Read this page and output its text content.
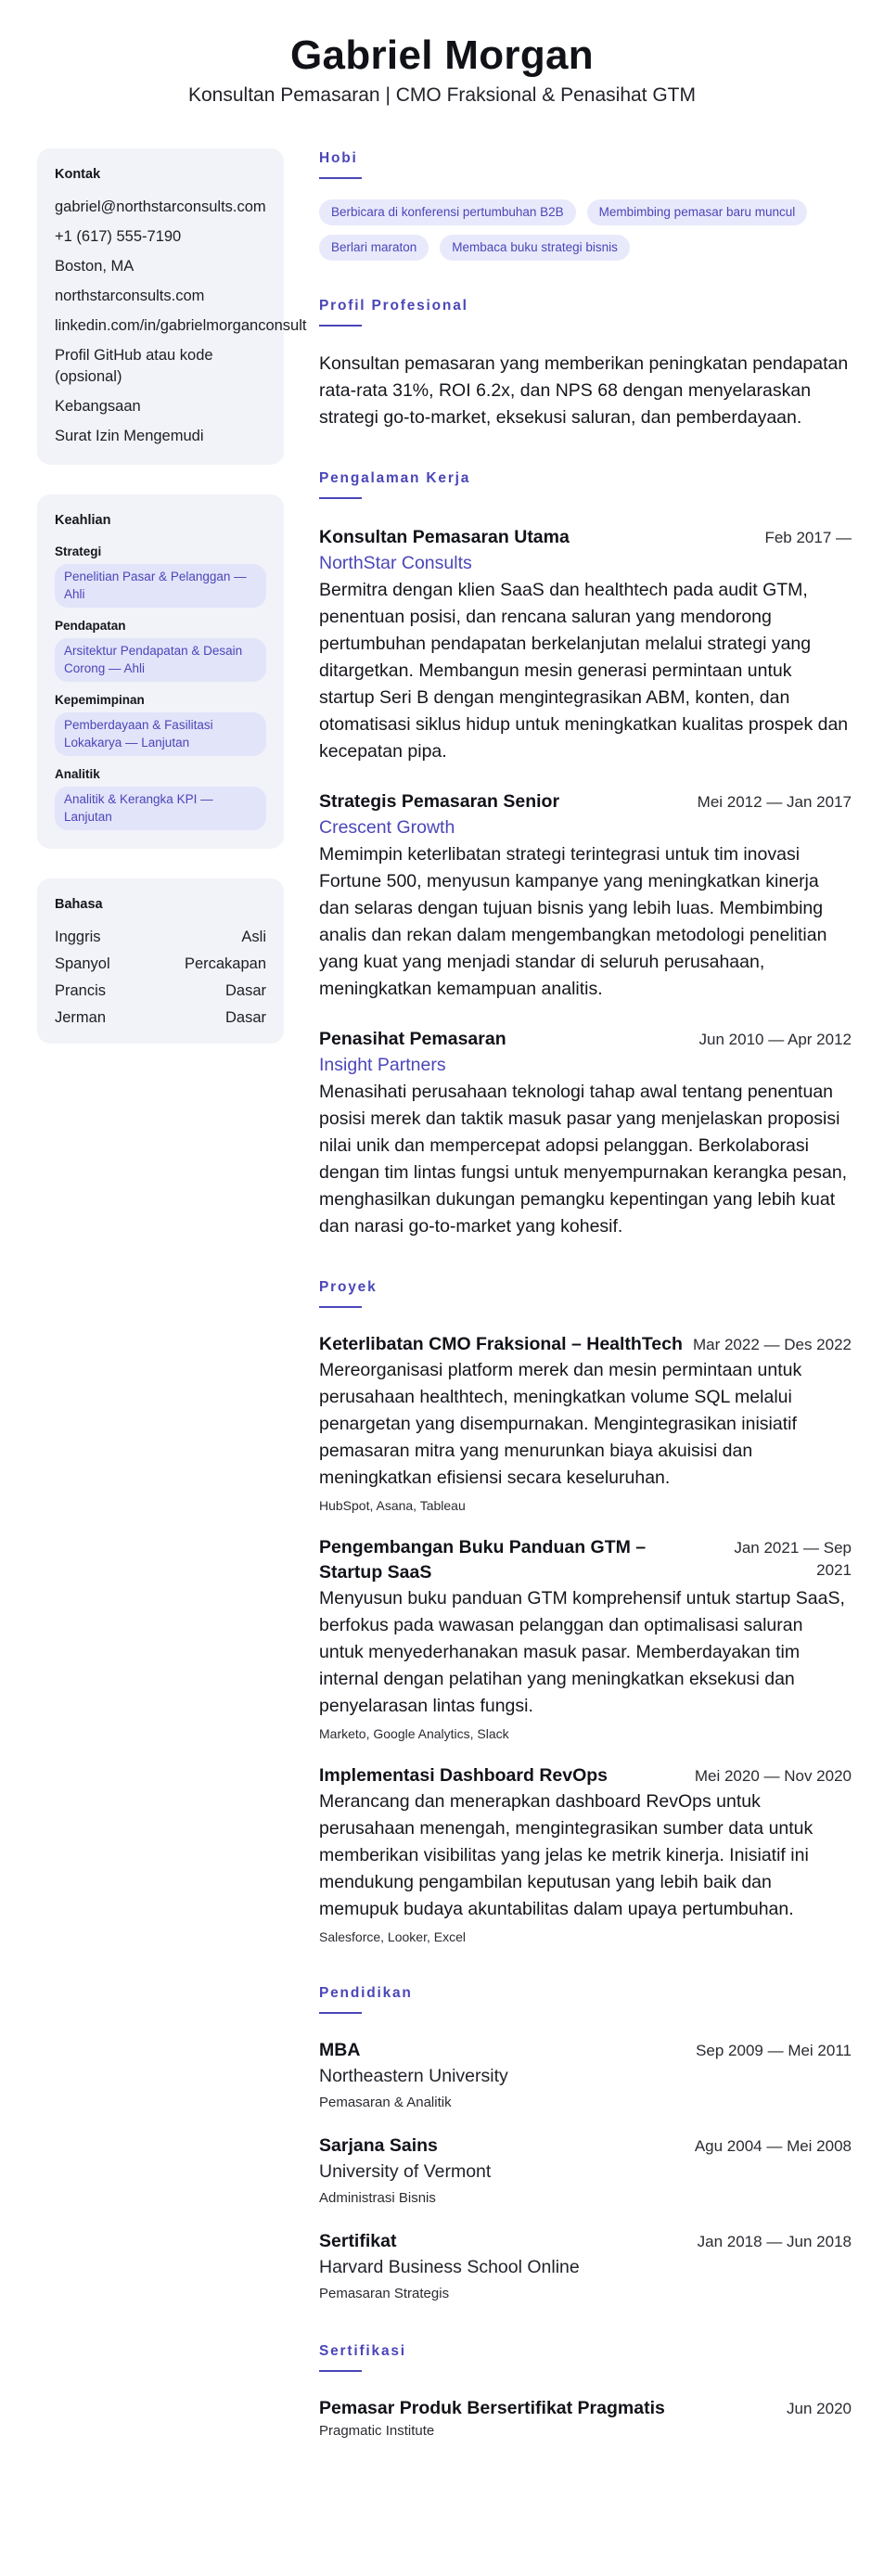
Gabriel Morgan
Konsultan Pemasaran | CMO Fraksional & Penasihat GTM
Kontak
gabriel@northstarconsults.com
+1 (617) 555-7190
Boston, MA
northstarconsults.com
linkedin.com/in/gabrielmorganconsult
Profil GitHub atau kode (opsional)
Kebangsaan
Surat Izin Mengemudi
Keahlian
Strategi
Penelitian Pasar & Pelanggan — Ahli
Pendapatan
Arsitektur Pendapatan & Desain Corong — Ahli
Kepemimpinan
Pemberdayaan & Fasilitasi Lokakarya — Lanjutan
Analitik
Analitik & Kerangka KPI — Lanjutan
Bahasa
Inggris	Asli
Spanyol	Percakapan
Prancis	Dasar
Jerman	Dasar
Hobi
Berbicara di konferensi pertumbuhan B2B	Membimbing pemasar baru muncul
Berlari maraton	Membaca buku strategi bisnis
Profil Profesional
Konsultan pemasaran yang memberikan peningkatan pendapatan rata-rata 31%, ROI 6.2x, dan NPS 68 dengan menyelaraskan strategi go-to-market, eksekusi saluran, dan pemberdayaan.
Pengalaman Kerja
Konsultan Pemasaran Utama	Feb 2017 —
NorthStar Consults
Bermitra dengan klien SaaS dan healthtech pada audit GTM, penentuan posisi, dan rencana saluran yang mendorong pertumbuhan pendapatan berkelanjutan melalui strategi yang ditargetkan. Membangun mesin generasi permintaan untuk startup Seri B dengan mengintegrasikan ABM, konten, dan otomatisasi siklus hidup untuk meningkatkan kualitas prospek dan kecepatan pipa.
Strategis Pemasaran Senior	Mei 2012 — Jan 2017
Crescent Growth
Memimpin keterlibatan strategi terintegrasi untuk tim inovasi Fortune 500, menyusun kampanye yang meningkatkan kinerja dan selaras dengan tujuan bisnis yang lebih luas. Membimbing analis dan rekan dalam mengembangkan metodologi penelitian yang kuat yang menjadi standar di seluruh perusahaan, meningkatkan kemampuan analitis.
Penasihat Pemasaran	Jun 2010 — Apr 2012
Insight Partners
Menasihati perusahaan teknologi tahap awal tentang penentuan posisi merek dan taktik masuk pasar yang menjelaskan proposisi nilai unik dan mempercepat adopsi pelanggan. Berkolaborasi dengan tim lintas fungsi untuk menyempurnakan kerangka pesan, menghasilkan dukungan pemangku kepentingan yang lebih kuat dan narasi go-to-market yang kohesif.
Proyek
Keterlibatan CMO Fraksional – HealthTech Mar 2022 — Des 2022
Mereorganisasi platform merek dan mesin permintaan untuk perusahaan healthtech, meningkatkan volume SQL melalui penargetan yang disempurnakan. Mengintegrasikan inisiatif pemasaran mitra yang menurunkan biaya akuisisi dan meningkatkan efisiensi secara keseluruhan.
HubSpot, Asana, Tableau
Pengembangan Buku Panduan GTM – Startup SaaS
Jan 2021 — Sep 2021
Menyusun buku panduan GTM komprehensif untuk startup SaaS, berfokus pada wawasan pelanggan dan optimalisasi saluran untuk menyederhanakan masuk pasar. Memberdayakan tim internal dengan pelatihan yang meningkatkan eksekusi dan penyelarasan lintas fungsi.
Marketo, Google Analytics, Slack
Implementasi Dashboard RevOps	Mei 2020 — Nov 2020
Merancang dan menerapkan dashboard RevOps untuk perusahaan menengah, mengintegrasikan sumber data untuk memberikan visibilitas yang jelas ke metrik kinerja. Inisiatif ini mendukung pengambilan keputusan yang lebih baik dan memupuk budaya akuntabilitas dalam upaya pertumbuhan.
Salesforce, Looker, Excel
Pendidikan
MBA	Sep 2009 — Mei 2011
Northeastern University
Pemasaran & Analitik
Sarjana Sains	Agu 2004 — Mei 2008
University of Vermont
Administrasi Bisnis
Sertifikat	Jan 2018 — Jun 2018
Harvard Business School Online
Pemasaran Strategis
Sertifikasi
Pemasar Produk Bersertifikat Pragmatis	Jun 2020
Pragmatic Institute
